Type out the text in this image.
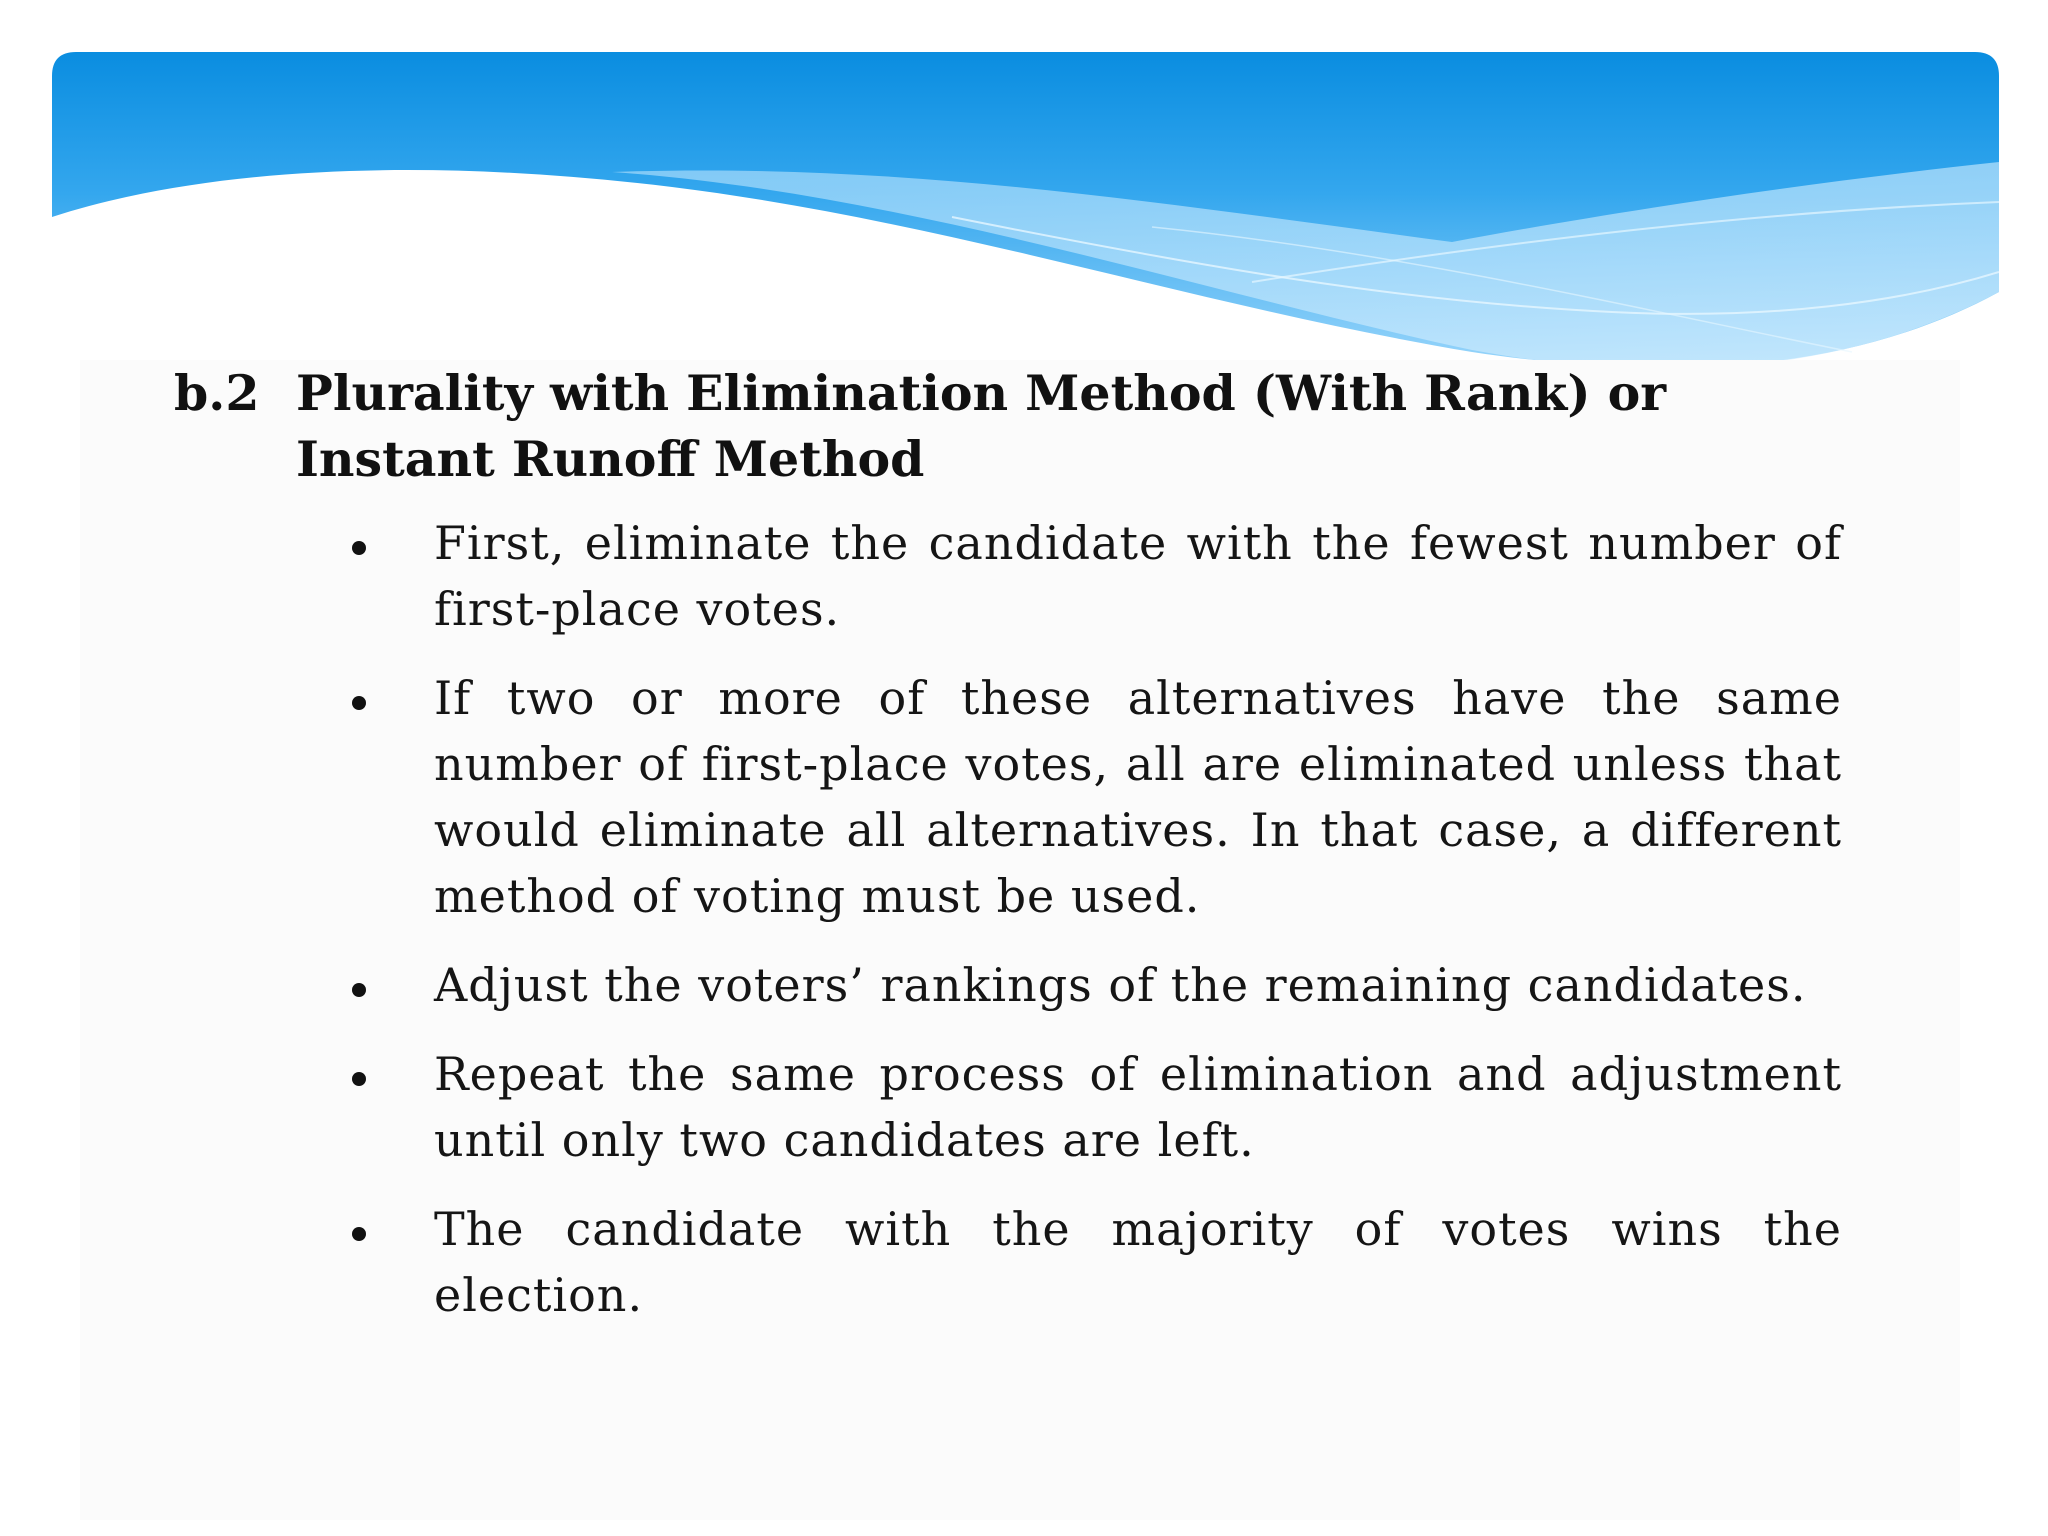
b.2 Plurality with Elimination Method (With Rank) or Instant Runoff Method
First, eliminate the candidate with the fewest number of first-place votes.
If two or more of these alternatives have the same number of first-place votes, all are eliminated unless that would eliminate all alternatives. In that case, a different method of voting must be used.
Adjust the voters’ rankings of the remaining candidates.
Repeat the same process of elimination and adjustment until only two candidates are left.
The candidate with the majority of votes wins the election.
